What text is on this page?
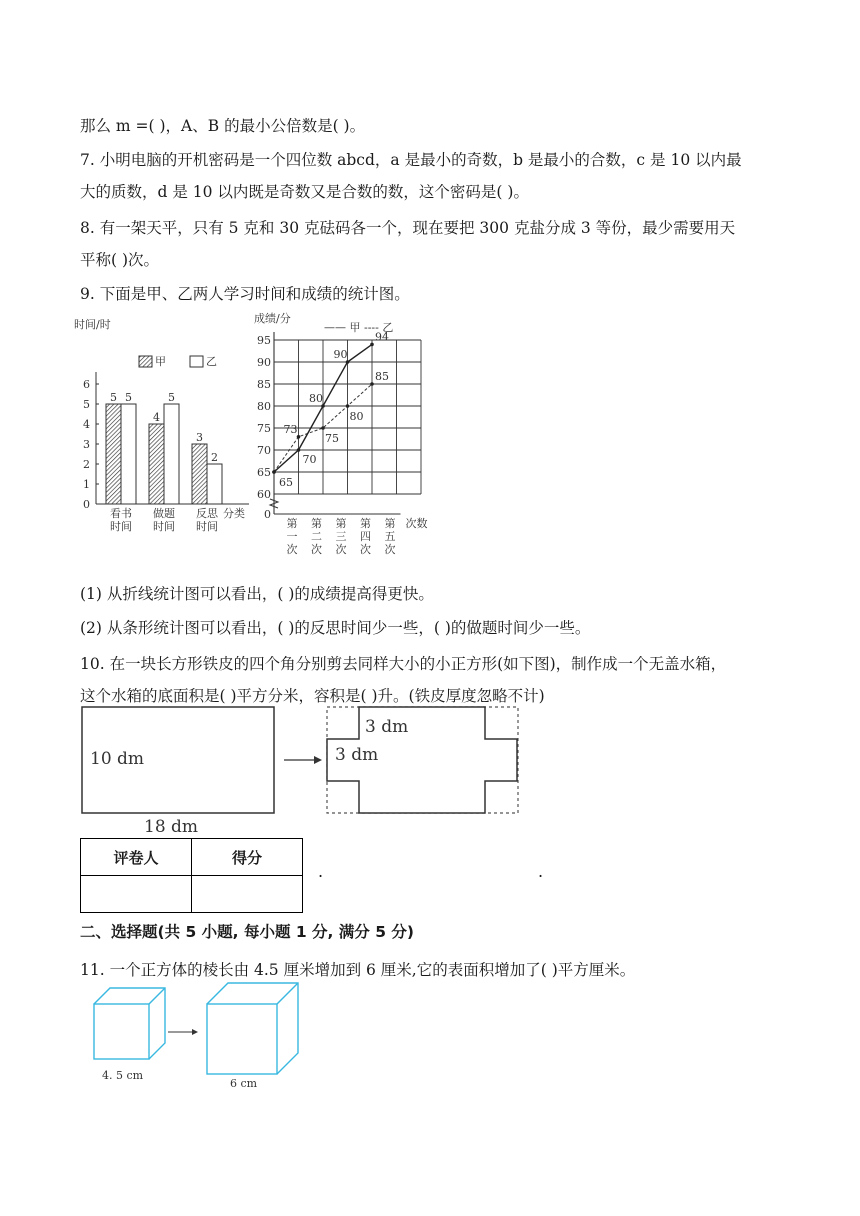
那么 m =( )，A、B 的最小公倍数是( )。
7. 小明电脑的开机密码是一个四位数 abcd，a 是最小的奇数，b 是最小的合数，c 是 10 以内最
大的质数，d 是 10 以内既是奇数又是合数的数，这个密码是( )。
8. 有一架天平，只有 5 克和 30 克砝码各一个，现在要把 300 克盐分成 3 等份，最少需要用天
平称( )次。
9. 下面是甲、乙两人学习时间和成绩的统计图。
时间/时
0
1
2
3
4
5
6
5 5
看书
时间
4
5
做题
时间
3
2
反思
时间
分类
甲	乙
成绩/分
—— 甲 ---- 乙
0
60
65
70
75
80
85
90
95
第
一
次
第
二
次
第
三
次
第
四
次
第
五
次
次数
65
70
80
90
94
73
75
80
85
(1) 从折线统计图可以看出，( )的成绩提高得更快。
(2) 从条形统计图可以看出，( )的反思时间少一些，( )的做题时间少一些。
10. 在一块长方形铁皮的四个角分别剪去同样大小的小正方形(如下图)，制作成一个无盖水箱，
这个水箱的底面积是( )平方分米，容积是( )升。(铁皮厚度忽略不计)
10 dm
18 dm
3 dm
3 dm
评卷人	得分

.	.
二、选择题(共 5 小题, 每小题 1 分, 满分 5 分)
11. 一个正方体的棱长由 4.5 厘米增加到 6 厘米,它的表面积增加了( )平方厘米。
4. 5 cm
6 cm
